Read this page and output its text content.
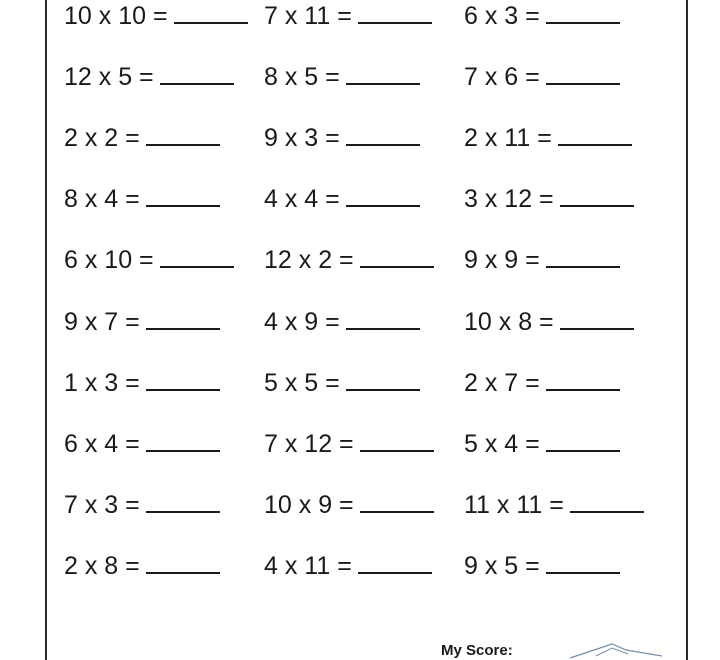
10 x 10 =	7 x 11 =	6 x 3 =
12 x 5 =	8 x 5 =	7 x 6 =
2 x 2 =	9 x 3 =	2 x 11 =
8 x 4 =	4 x 4 =	3 x 12 =
6 x 10 =	12 x 2 =	9 x 9 =
9 x 7 =	4 x 9 =	10 x 8 =
1 x 3 =	5 x 5 =	2 x 7 =
6 x 4 =	7 x 12 =	5 x 4 =
7 x 3 =	10 x 9 =	11 x 11 =
2 x 8 =	4 x 11 =	9 x 5 =
My Score:
